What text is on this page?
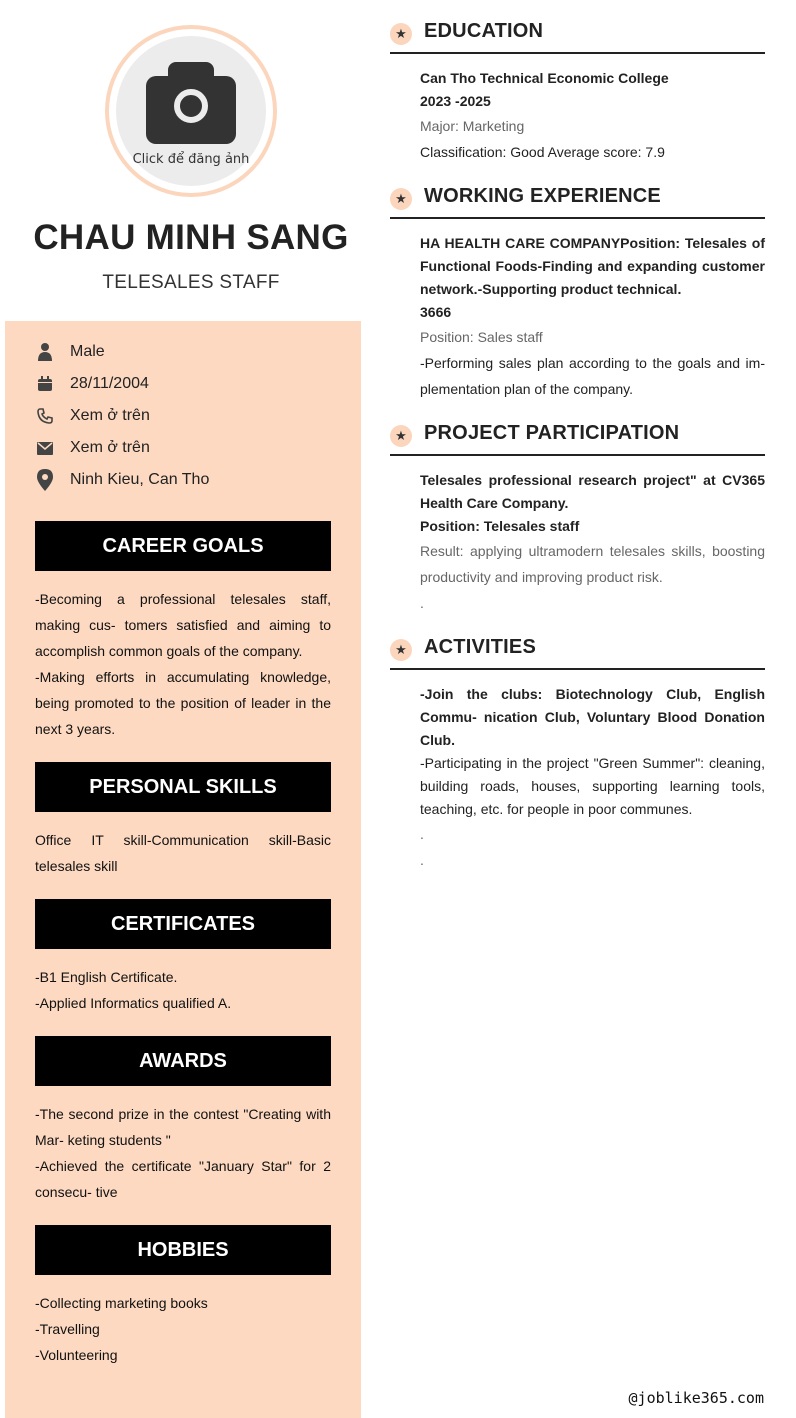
Click để đăng ảnh
CHAU MINH SANG
TELESALES STAFF
Male
28/11/2004
Xem ở trên
Xem ở trên
Ninh Kieu, Can Tho
CAREER GOALS

-Becoming a professional telesales staff, making cus- tomers satisfied and aiming to accomplish common goals of the company.

-Making efforts in accumulating knowledge, being promoted to the position of leader in the next 3 years.

PERSONAL SKILLS

Office IT skill-Communication skill-Basic telesales skill

CERTIFICATES

-B1 English Certificate.

-Applied Informatics qualified A.

AWARDS

-The second prize in the contest "Creating with Mar- keting students "

-Achieved the certificate "January Star" for 2 consecu- tive

HOBBIES

-Collecting marketing books

-Travelling

-Volunteering

★ EDUCATION
Can Tho Technical Economic College
2023 -2025
Major: Marketing
Classification: Good Average score: 7.9
★ WORKING EXPERIENCE
HA HEALTH CARE COMPANYPosition: Telesales of Functional Foods-Finding and expanding customer network.-Supporting product technical.
3666
Position: Sales staff
-Performing sales plan according to the goals and im- plementation plan of the company.
★ PROJECT PARTICIPATION
Telesales professional research project" at CV365 Health Care Company.
Position: Telesales staff
Result: applying ultramodern telesales skills, boosting productivity and improving product risk.
.
★ ACTIVITIES
-Join the clubs: Biotechnology Club, English Commu- nication Club, Voluntary Blood Donation Club.
-Participating in the project "Green Summer": cleaning, building roads, houses, supporting learning tools, teaching, etc. for people in poor communes.
.
.
@joblike365.com
